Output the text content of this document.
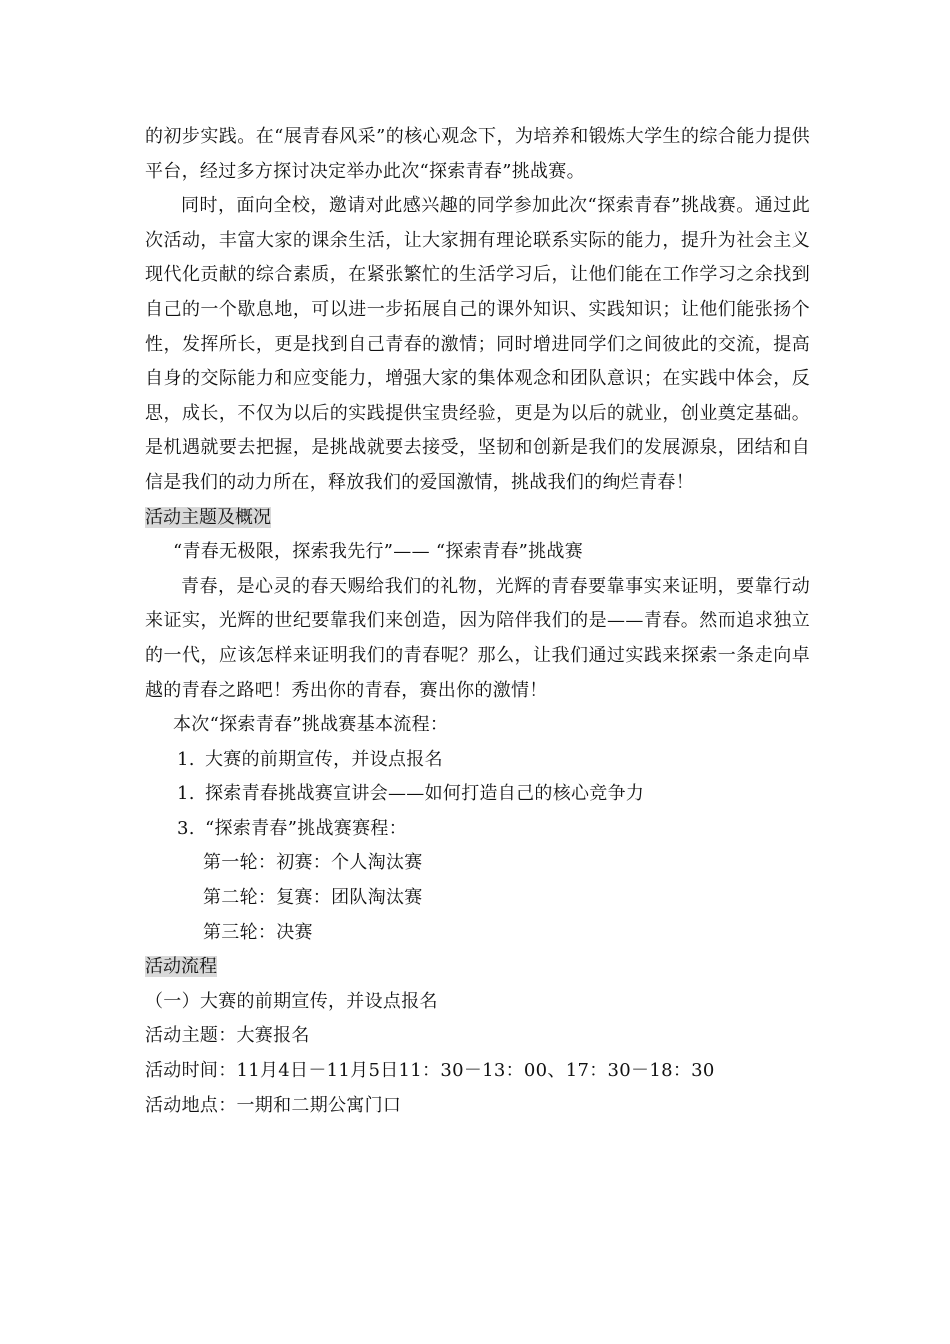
的初步实践。在“展青春风采”的核心观念下，为培养和锻炼大学生的综合能力提供平台，经过多方探讨决定举办此次“探索青春”挑战赛。

同时，面向全校，邀请对此感兴趣的同学参加此次“探索青春”挑战赛。通过此次活动，丰富大家的课余生活，让大家拥有理论联系实际的能力，提升为社会主义现代化贡献的综合素质，在紧张繁忙的生活学习后，让他们能在工作学习之余找到自己的一个歇息地，可以进一步拓展自己的课外知识、实践知识；让他们能张扬个性，发挥所长，更是找到自己青春的激情；同时增进同学们之间彼此的交流，提高自身的交际能力和应变能力，增强大家的集体观念和团队意识；在实践中体会，反思，成长，不仅为以后的实践提供宝贵经验，更是为以后的就业，创业奠定基础。是机遇就要去把握，是挑战就要去接受，坚韧和创新是我们的发展源泉，团结和自信是我们的动力所在，释放我们的爱国激情，挑战我们的绚烂青春！

活动主题及概况

“青春无极限，探索我先行”—— “探索青春”挑战赛

青春，是心灵的春天赐给我们的礼物，光辉的青春要靠事实来证明，要靠行动来证实，光辉的世纪要靠我们来创造，因为陪伴我们的是——青春。然而追求独立的一代，应该怎样来证明我们的青春呢？那么，让我们通过实践来探索一条走向卓越的青春之路吧！秀出你的青春，赛出你的激情！

本次“探索青春”挑战赛基本流程：

1. 大赛的前期宣传，并设点报名

1. 探索青春挑战赛宣讲会——如何打造自己的核心竞争力

3. “探索青春”挑战赛赛程：

第一轮：初赛：个人淘汰赛

第二轮：复赛：团队淘汰赛

第三轮：决赛

活动流程

（一）大赛的前期宣传，并设点报名

活动主题：大赛报名

活动时间：11月4日－11月5日11：30－13：00、17：30－18：30

活动地点：一期和二期公寓门口
